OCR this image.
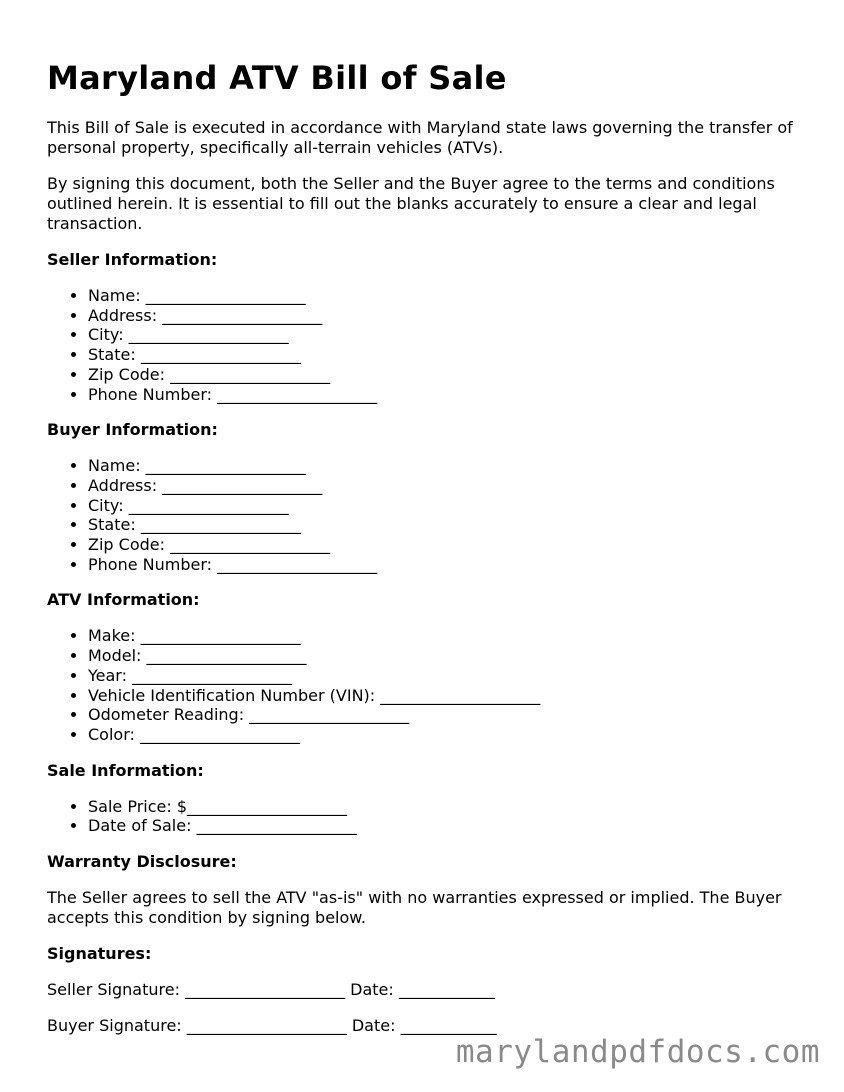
Maryland ATV Bill of Sale

This Bill of Sale is executed in accordance with Maryland state laws governing the transfer of personal property, specifically all-terrain vehicles (ATVs).

By signing this document, both the Seller and the Buyer agree to the terms and conditions outlined herein. It is essential to fill out the blanks accurately to ensure a clear and legal transaction.

Seller Information:
• Name: ____________________
• Address: ____________________
• City: ____________________
• State: ____________________
• Zip Code: ____________________
• Phone Number: ____________________
Buyer Information:
• Name: ____________________
• Address: ____________________
• City: ____________________
• State: ____________________
• Zip Code: ____________________
• Phone Number: ____________________
ATV Information:
• Make: ____________________
• Model: ____________________
• Year: ____________________
• Vehicle Identification Number (VIN): ____________________
• Odometer Reading: ____________________
• Color: ____________________
Sale Information:
• Sale Price: $____________________
• Date of Sale: ____________________
Warranty Disclosure:

The Seller agrees to sell the ATV "as-is" with no warranties expressed or implied. The Buyer accepts this condition by signing below.

Signatures:
Seller Signature: ____________________ Date: ____________
Buyer Signature: ____________________ Date: ____________
marylandpdfdocs.com
